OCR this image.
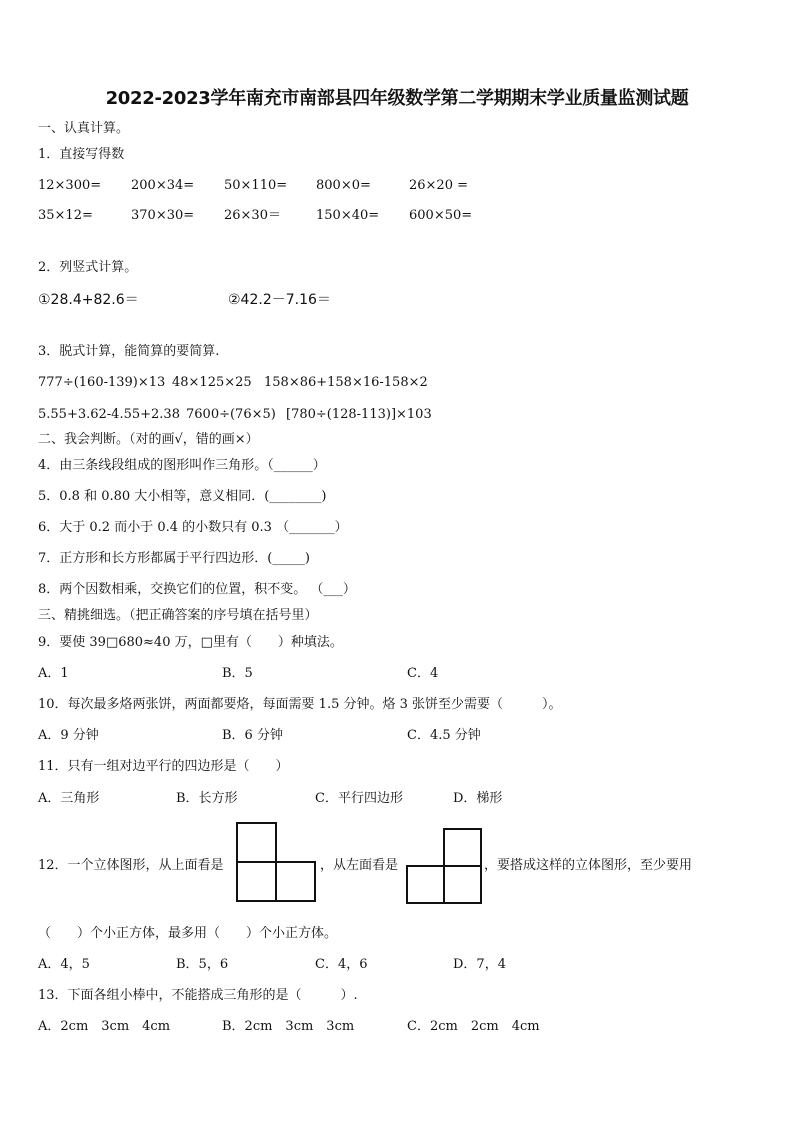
2022-2023学年南充市南部县四年级数学第二学期期末学业质量监测试题
一、认真计算。
1．直接写得数
12×300= 200×34= 50×110= 800×0=	26×20 =
35×12=	370×30= 26×30＝	150×40= 600×50=
2．列竖式计算。
①28.4+82.6＝	②42.2－7.16＝
3．脱式计算，能简算的要简算.
777÷(160-139)×13 48×125×25 158×86+158×16-158×2
5.55+3.62-4.55+2.38 7600÷(76×5) [780÷(128-113)]×103
二、我会判断。（对的画√，错的画×）
4．由三条线段组成的图形叫作三角形。（______）
5．0.8 和 0.80 大小相等，意义相同．(________)
6．大于 0.2 而小于 0.4 的小数只有 0.3 （_______）
7．正方形和长方形都属于平行四边形．(_____)
8．两个因数相乘，交换它们的位置，积不变。 （___）
三、精挑细选。（把正确答案的序号填在括号里）
9．要使 39□680≈40 万，□里有（　　）种填法。
A．1	B．5	C．4
10．每次最多烙两张饼，两面都要烙，每面需要 1.5 分钟。烙 3 张饼至少需要（　　　）。
A．9 分钟	B．6 分钟	C．4.5 分钟
11．只有一组对边平行的四边形是（　　）
A．三角形	B．长方形	C．平行四边形	D．梯形
12．一个立体图形，从上面看是	，从左面看是	，要搭成这样的立体图形，至少要用
（　　）个小正方体，最多用（　　）个小正方体。
A．4，5	B．5，6	C．4，6	D．7，4
13．下面各组小棒中，不能搭成三角形的是（　　　）.
A．2cm　3cm　4cm	B．2cm　3cm　3cm	C．2cm　2cm　4cm
